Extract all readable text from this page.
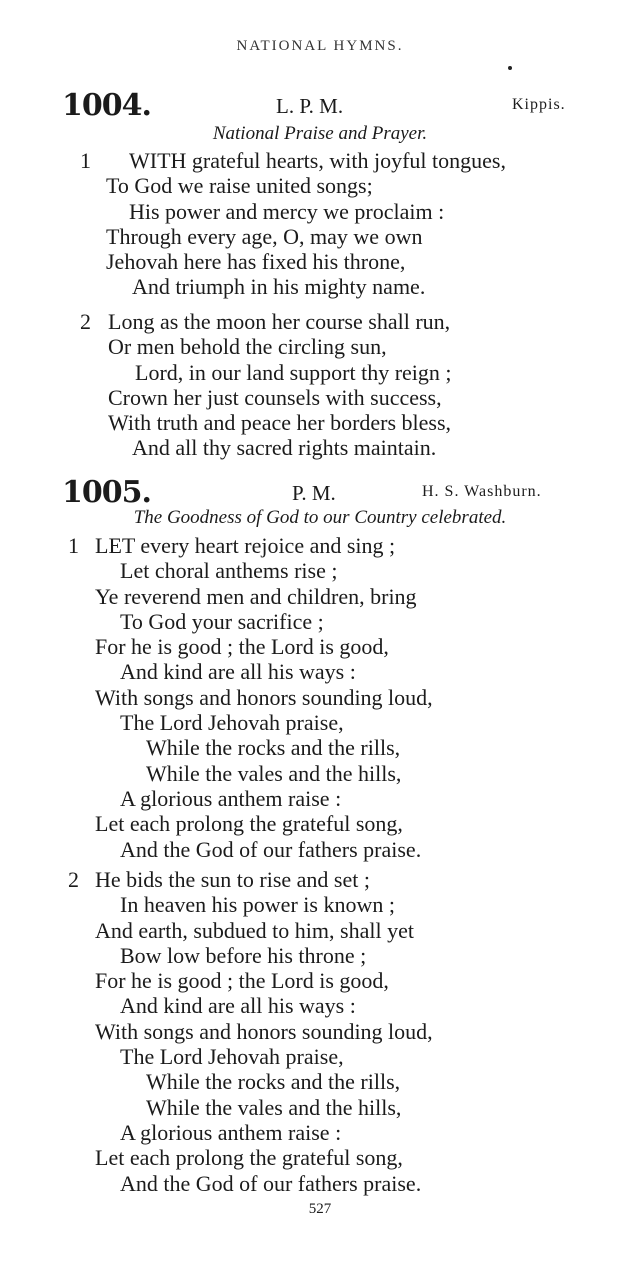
NATIONAL HYMNS.
1004.	L. P. M.	Kippis.
National Praise and Prayer.
1 WITH grateful hearts, with joyful tongues,
To God we raise united songs;
His power and mercy we proclaim :
Through every age, O, may we own
Jehovah here has fixed his throne,
And triumph in his mighty name.
2 Long as the moon her course shall run,
Or men behold the circling sun,
Lord, in our land support thy reign ;
Crown her just counsels with success,
With truth and peace her borders bless,
And all thy sacred rights maintain.
1005.	P. M.	H. S. Washburn.
The Goodness of God to our Country celebrated.
1 LET every heart rejoice and sing ;
Let choral anthems rise ;
Ye reverend men and children, bring
To God your sacrifice ;
For he is good ; the Lord is good,
And kind are all his ways :
With songs and honors sounding loud,
The Lord Jehovah praise,
While the rocks and the rills,
While the vales and the hills,
A glorious anthem raise :
Let each prolong the grateful song,
And the God of our fathers praise.
2 He bids the sun to rise and set ;
In heaven his power is known ;
And earth, subdued to him, shall yet
Bow low before his throne ;
For he is good ; the Lord is good,
And kind are all his ways :
With songs and honors sounding loud,
The Lord Jehovah praise,
While the rocks and the rills,
While the vales and the hills,
A glorious anthem raise :
Let each prolong the grateful song,
And the God of our fathers praise.
527
